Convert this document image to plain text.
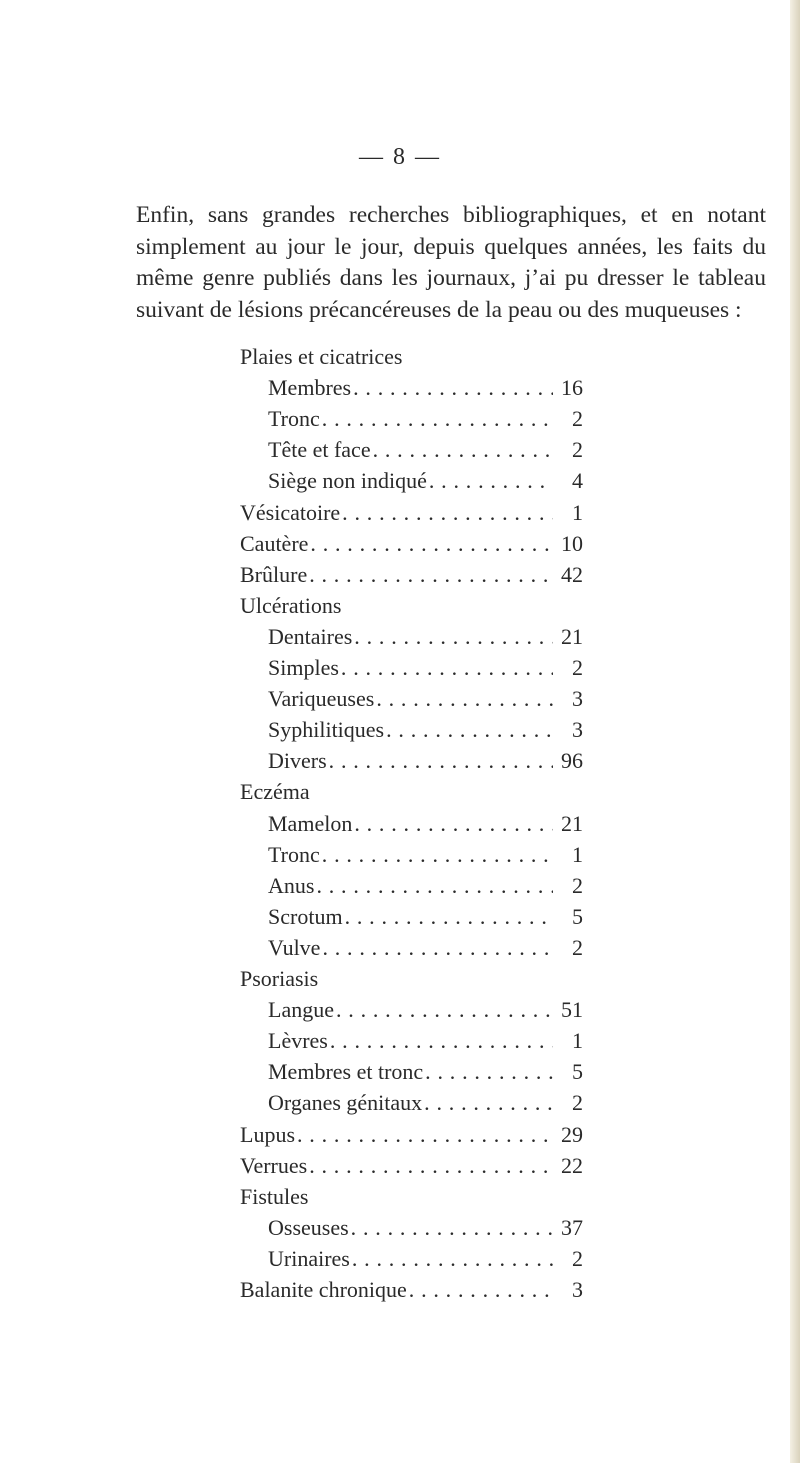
— 8 —
Enfin, sans grandes recherches bibliographiques, et en notant simplement au jour le jour, depuis quelques années, les faits du même genre publiés dans les journaux, j’ai pu dresser le tableau suivant de lésions précancéreuses de la peau ou des muqueuses :
Plaies et cicatrices
Membres .....	16
Tronc .....	2
Tête et face .....	2
Siège non indiqué .....	4
Vésicatoire .....	1
Cautère .....	10
Brûlure .....	42
Ulcérations
Dentaires .....	21
Simples .....	2
Variqueuses .....	3
Syphilitiques .....	3
Divers .....	96
Eczéma
Mamelon .....	21
Tronc .....	1
Anus .....	2
Scrotum .....	5
Vulve .....	2
Psoriasis
Langue .....	51
Lèvres .....	1
Membres et tronc .....	5
Organes génitaux .....	2
Lupus .....	29
Verrues .....	22
Fistules
Osseuses .....	37
Urinaires .....	2
Balanite chronique .....	3
